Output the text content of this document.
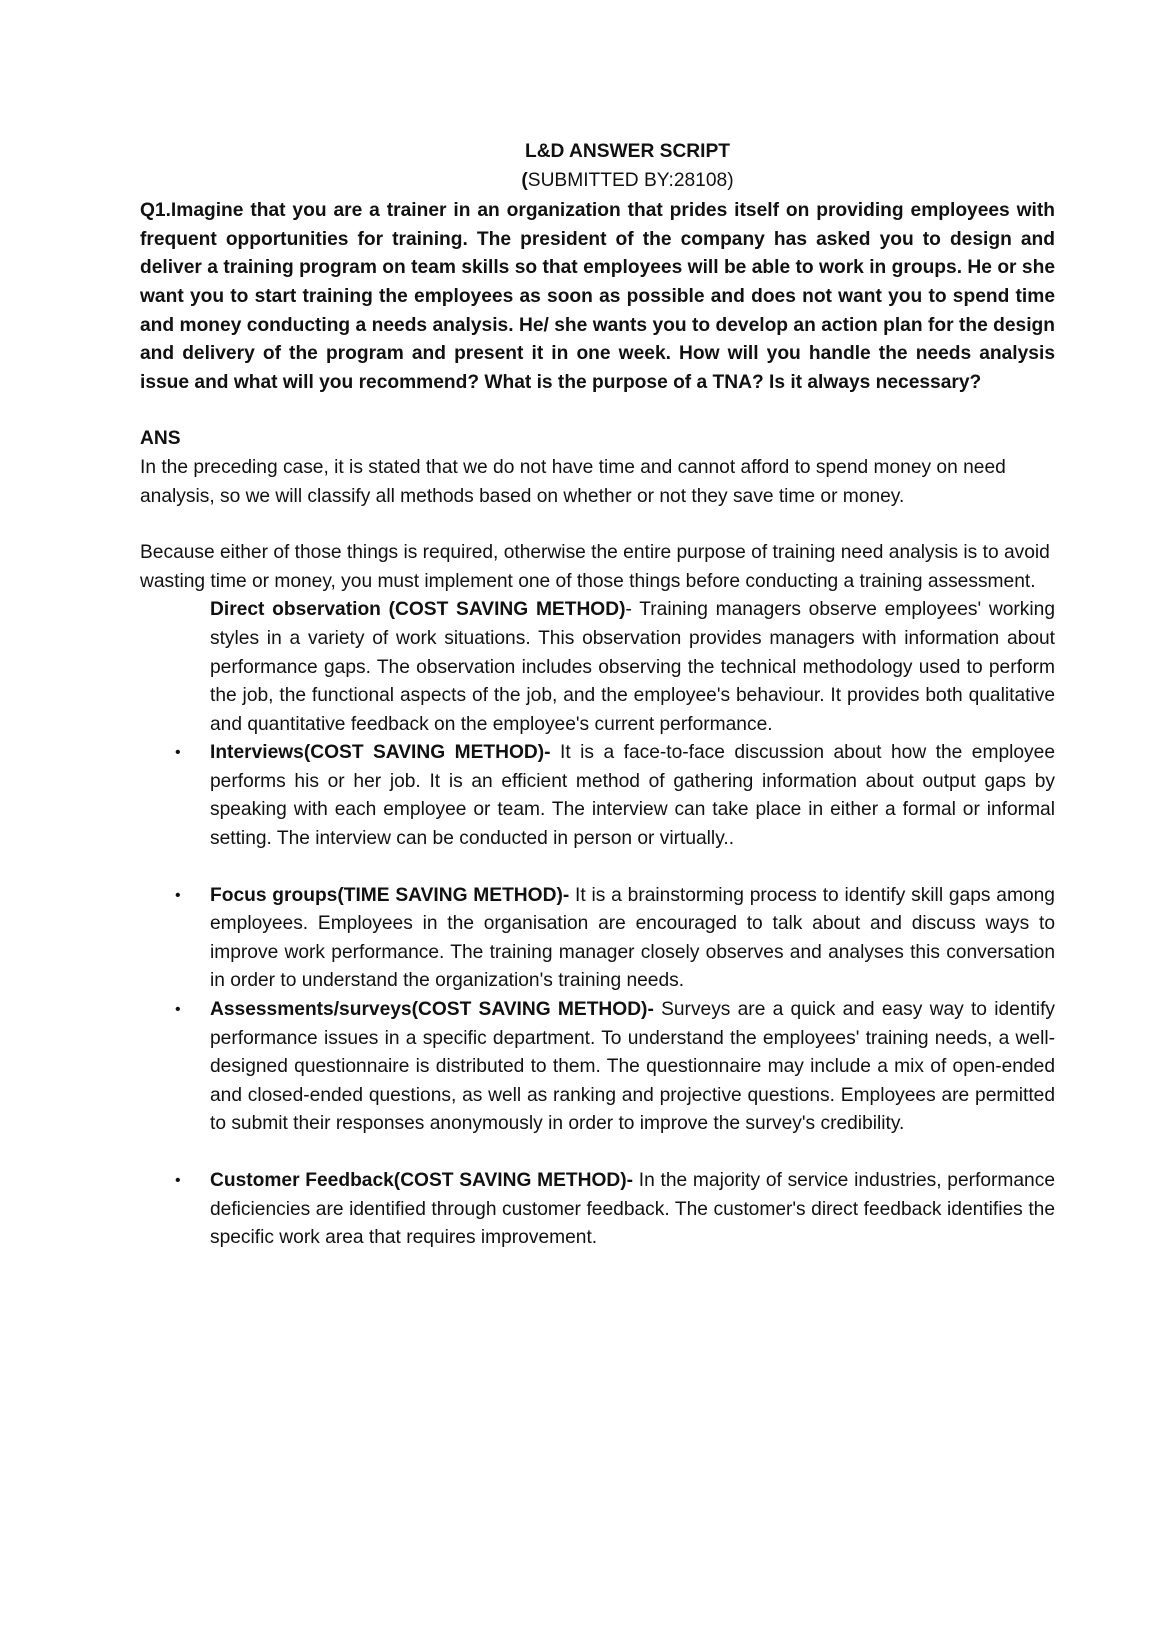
L&D ANSWER SCRIPT

(SUBMITTED BY:28108)

Q1.Imagine that you are a trainer in an organization that prides itself on providing employees with frequent opportunities for training. The president of the company has asked you to design and deliver a training program on team skills so that employees will be able to work in groups. He or she want you to start training the employees as soon as possible and does not want you to spend time and money conducting a needs analysis. He/ she wants you to develop an action plan for the design and delivery of the program and present it in one week. How will you handle the needs analysis issue and what will you recommend? What is the purpose of a TNA? Is it always necessary?

ANS

In the preceding case, it is stated that we do not have time and cannot afford to spend money on need analysis, so we will classify all methods based on whether or not they save time or money.

Because either of those things is required, otherwise the entire purpose of training need analysis is to avoid wasting time or money, you must implement one of those things before conducting a training assessment.

Direct observation (COST SAVING METHOD)- Training managers observe employees' working styles in a variety of work situations. This observation provides managers with information about performance gaps. The observation includes observing the technical methodology used to perform the job, the functional aspects of the job, and the employee's behaviour. It provides both qualitative and quantitative feedback on the employee's current performance.

• Interviews(COST SAVING METHOD)- It is a face-to-face discussion about how the employee performs his or her job. It is an efficient method of gathering information about output gaps by speaking with each employee or team. The interview can take place in either a formal or informal setting. The interview can be conducted in person or virtually..

• Focus groups(TIME SAVING METHOD)- It is a brainstorming process to identify skill gaps among employees. Employees in the organisation are encouraged to talk about and discuss ways to improve work performance. The training manager closely observes and analyses this conversation in order to understand the organization's training needs.

• Assessments/surveys(COST SAVING METHOD)- Surveys are a quick and easy way to identify performance issues in a specific department. To understand the employees' training needs, a well-designed questionnaire is distributed to them. The questionnaire may include a mix of open-ended and closed-ended questions, as well as ranking and projective questions. Employees are permitted to submit their responses anonymously in order to improve the survey's credibility.

• Customer Feedback(COST SAVING METHOD)- In the majority of service industries, performance deficiencies are identified through customer feedback. The customer's direct feedback identifies the specific work area that requires improvement.
